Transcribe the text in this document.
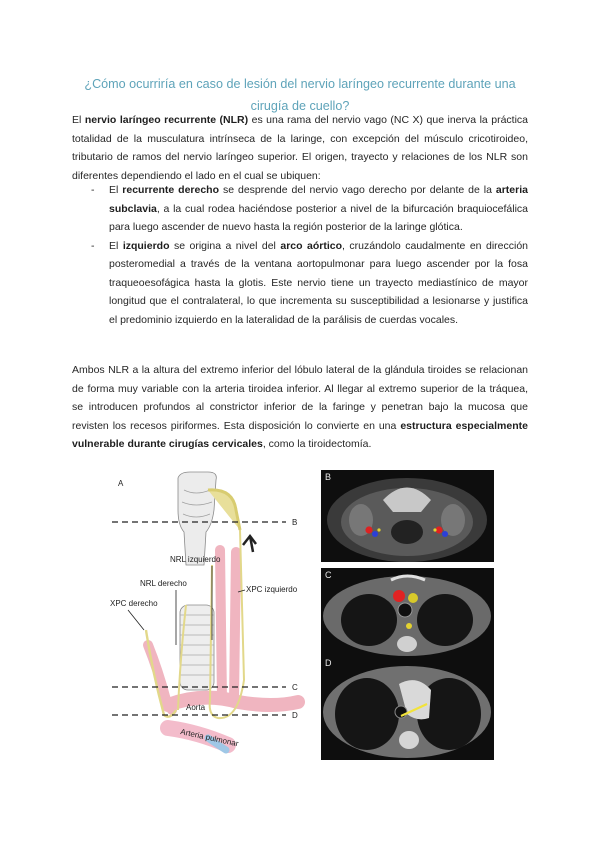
¿Cómo ocurriría en caso de lesión del nervio laríngeo recurrente durante una cirugía de cuello?

El nervio laríngeo recurrente (NLR) es una rama del nervio vago (NC X) que inerva la práctica totalidad de la musculatura intrínseca de la laringe, con excepción del músculo cricotiroideo, tributario de ramos del nervio laríngeo superior. El origen, trayecto y relaciones de los NLR son diferentes dependiendo el lado en el cual se ubiquen:

- El recurrente derecho se desprende del nervio vago derecho por delante de la arteria subclavia, a la cual rodea haciéndose posterior a nivel de la bifurcación braquiocefálica para luego ascender de nuevo hasta la región posterior de la laringe glótica.
- El izquierdo se origina a nivel del arco aórtico, cruzándolo caudalmente en dirección posteromedial a través de la ventana aortopulmonar para luego ascender por la fosa traqueoesofágica hasta la glotis. Este nervio tiene un trayecto mediastínico de mayor longitud que el contralateral, lo que incrementa su susceptibilidad a lesionarse y justifica el predominio izquierdo en la lateralidad de la parálisis de cuerdas vocales.

Ambos NLR a la altura del extremo inferior del lóbulo lateral de la glándula tiroides se relacionan de forma muy variable con la arteria tiroidea inferior. Al llegar al extremo superior de la tráquea, se introducen profundos al constrictor inferior de la faringe y penetran bajo la mucosa que revisten los recesos piriformes. Esta disposición lo convierte en una estructura especialmente vulnerable durante cirugías cervicales, como la tiroidectomía.

A
B
C
D
NRL izquierdo
NRL derecho
XPC izquierdo
XPC derecho
Aorta
Arteria pulmonar
B
C
D
